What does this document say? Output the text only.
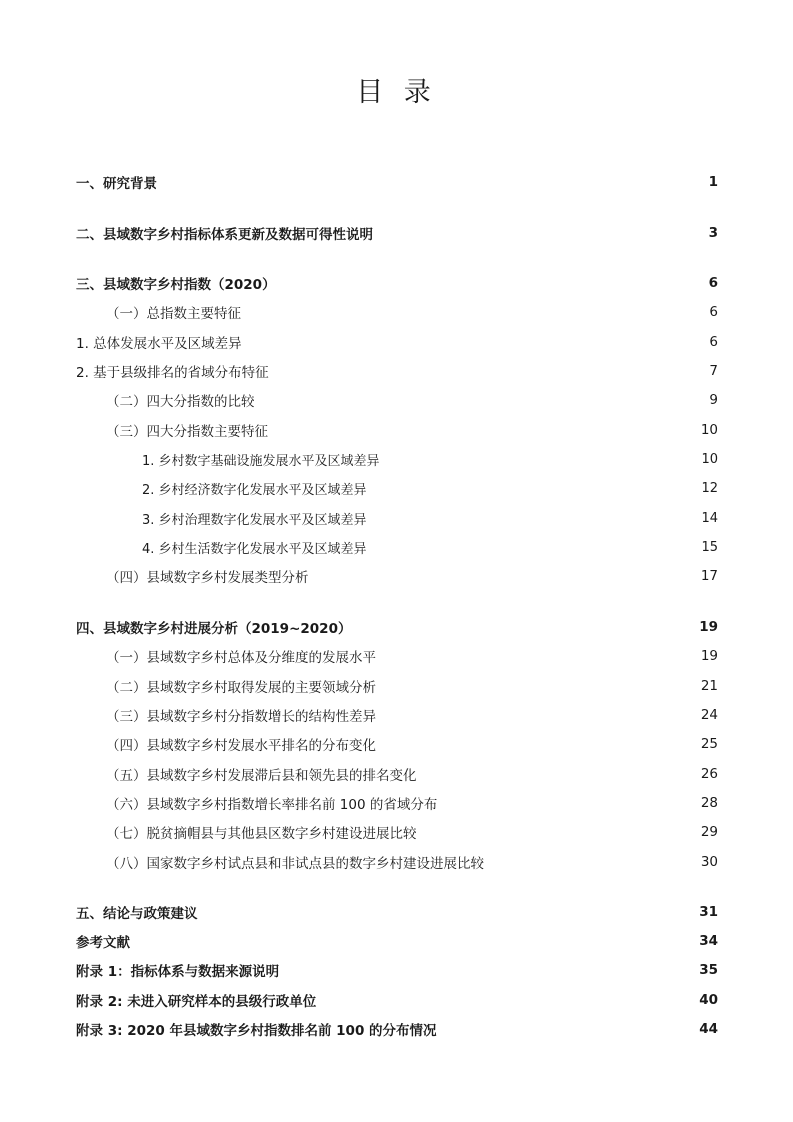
目 录
一、研究背景	1
二、县域数字乡村指标体系更新及数据可得性说明	3
三、县域数字乡村指数（2020）	6
（一）总指数主要特征	6
1. 总体发展水平及区域差异	6
2. 基于县级排名的省域分布特征	7
（二）四大分指数的比较	9
（三）四大分指数主要特征	10
1. 乡村数字基础设施发展水平及区域差异	10
2. 乡村经济数字化发展水平及区域差异	12
3. 乡村治理数字化发展水平及区域差异	14
4. 乡村生活数字化发展水平及区域差异	15
（四）县域数字乡村发展类型分析	17
四、县域数字乡村进展分析（2019~2020）	19
（一）县域数字乡村总体及分维度的发展水平	19
（二）县域数字乡村取得发展的主要领域分析	21
（三）县域数字乡村分指数增长的结构性差异	24
（四）县域数字乡村发展水平排名的分布变化	25
（五）县域数字乡村发展滞后县和领先县的排名变化	26
（六）县域数字乡村指数增长率排名前 100 的省域分布	28
（七）脱贫摘帽县与其他县区数字乡村建设进展比较	29
（八）国家数字乡村试点县和非试点县的数字乡村建设进展比较	30
五、结论与政策建议	31
参考文献	34
附录 1：指标体系与数据来源说明	35
附录 2: 未进入研究样本的县级行政单位	40
附录 3: 2020 年县域数字乡村指数排名前 100 的分布情况	44
